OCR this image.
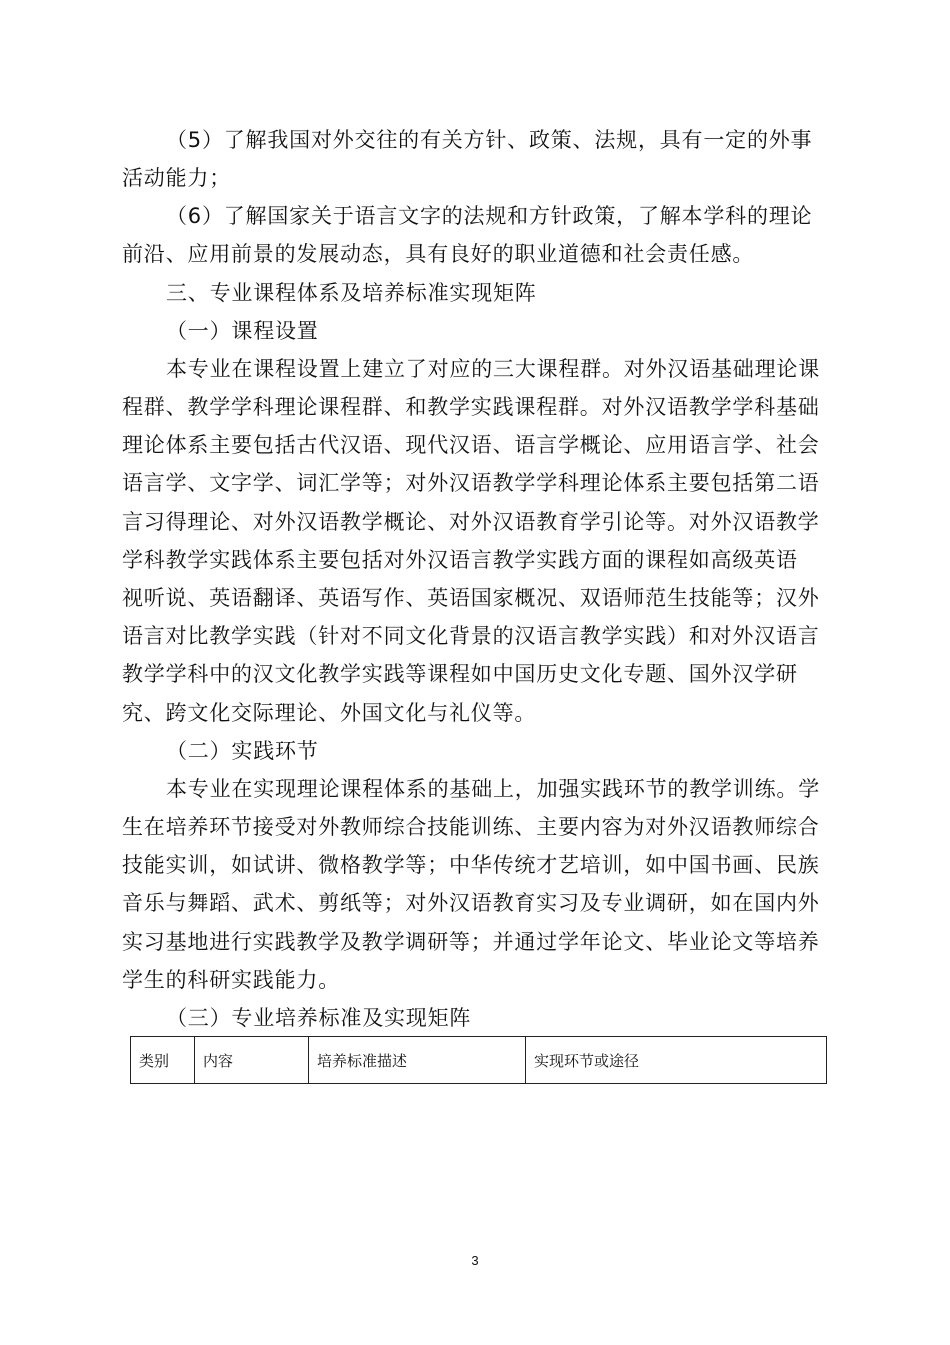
（5）了解我国对外交往的有关方针、政策、法规，具有一定的外事
活动能力；
（6）了解国家关于语言文字的法规和方针政策，了解本学科的理论
前沿、应用前景的发展动态，具有良好的职业道德和社会责任感。
三、专业课程体系及培养标准实现矩阵
（一）课程设置
本专业在课程设置上建立了对应的三大课程群。对外汉语基础理论课
程群、教学学科理论课程群、和教学实践课程群。对外汉语教学学科基础
理论体系主要包括古代汉语、现代汉语、语言学概论、应用语言学、社会
语言学、文字学、词汇学等；对外汉语教学学科理论体系主要包括第二语
言习得理论、对外汉语教学概论、对外汉语教育学引论等。对外汉语教学
学科教学实践体系主要包括对外汉语言教学实践方面的课程如高级英语
视听说、英语翻译、英语写作、英语国家概况、双语师范生技能等；汉外
语言对比教学实践（针对不同文化背景的汉语言教学实践）和对外汉语言
教学学科中的汉文化教学实践等课程如中国历史文化专题、国外汉学研
究、跨文化交际理论、外国文化与礼仪等。
（二）实践环节
本专业在实现理论课程体系的基础上，加强实践环节的教学训练。学
生在培养环节接受对外教师综合技能训练、主要内容为对外汉语教师综合
技能实训，如试讲、微格教学等；中华传统才艺培训，如中国书画、民族
音乐与舞蹈、武术、剪纸等；对外汉语教育实习及专业调研，如在国内外
实习基地进行实践教学及教学调研等；并通过学年论文、毕业论文等培养
学生的科研实践能力。
（三）专业培养标准及实现矩阵
类别	内容	培养标准描述	实现环节或途径
3
